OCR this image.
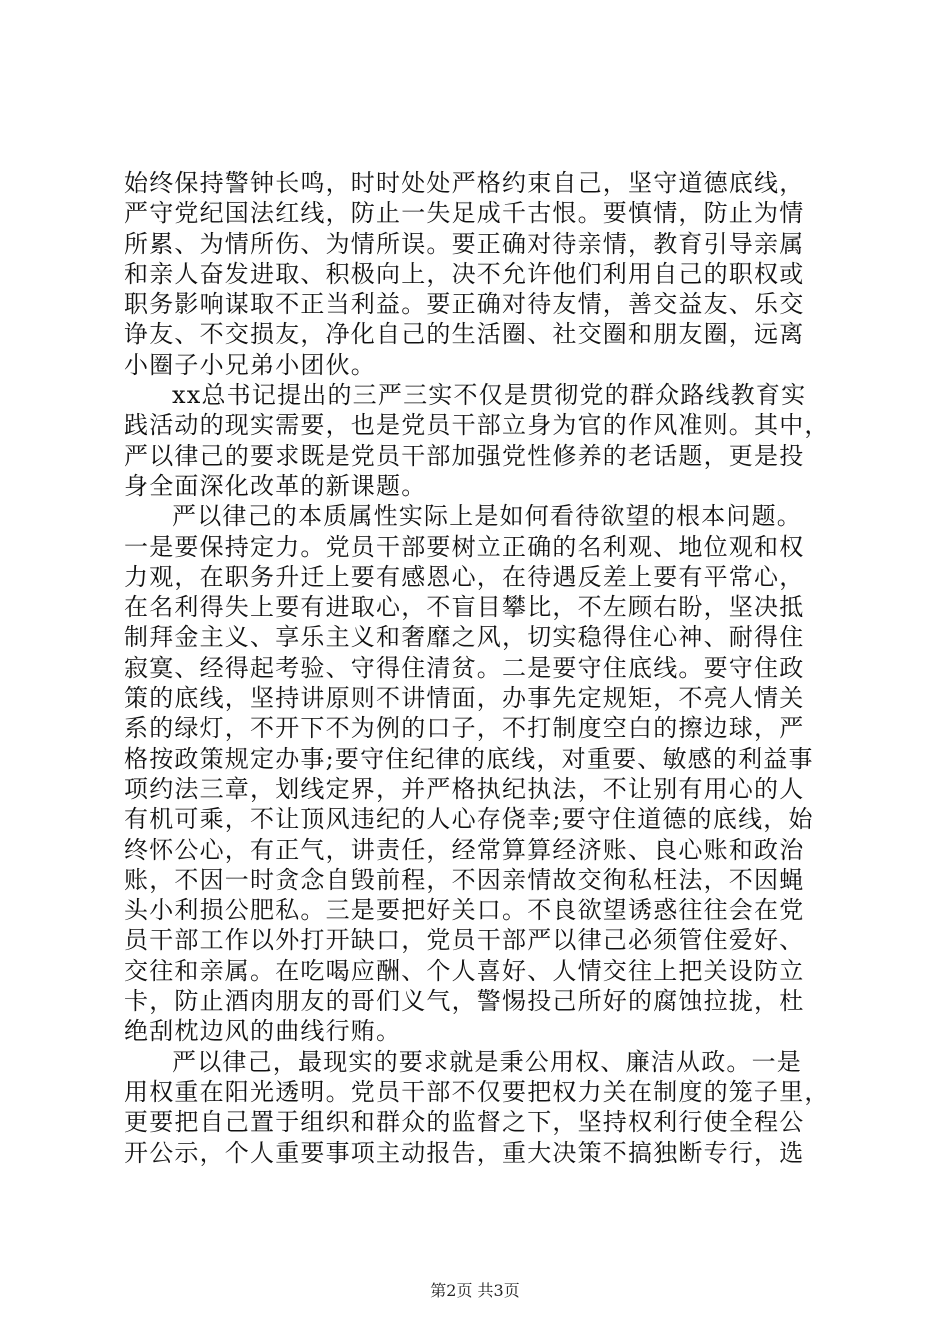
始终保持警钟长鸣，时时处处严格约束自己，坚守道德底线，
严守党纪国法红线，防止一失足成千古恨。要慎情，防止为情
所累、为情所伤、为情所误。要正确对待亲情，教育引导亲属
和亲人奋发进取、积极向上，决不允许他们利用自己的职权或
职务影响谋取不正当利益。要正确对待友情，善交益友、乐交
诤友、不交损友，净化自己的生活圈、社交圈和朋友圈，远离
小圈子小兄弟小团伙。
xx总书记提出的三严三实不仅是贯彻党的群众路线教育实
践活动的现实需要，也是党员干部立身为官的作风准则。其中，
严以律己的要求既是党员干部加强党性修养的老话题，更是投
身全面深化改革的新课题。
严以律己的本质属性实际上是如何看待欲望的根本问题。
一是要保持定力。党员干部要树立正确的名利观、地位观和权
力观，在职务升迁上要有感恩心，在待遇反差上要有平常心，
在名利得失上要有进取心，不盲目攀比，不左顾右盼，坚决抵
制拜金主义、享乐主义和奢靡之风，切实稳得住心神、耐得住
寂寞、经得起考验、守得住清贫。二是要守住底线。要守住政
策的底线，坚持讲原则不讲情面，办事先定规矩，不亮人情关
系的绿灯，不开下不为例的口子，不打制度空白的擦边球，严
格按政策规定办事;要守住纪律的底线，对重要、敏感的利益事
项约法三章，划线定界，并严格执纪执法，不让别有用心的人
有机可乘，不让顶风违纪的人心存侥幸;要守住道德的底线，始
终怀公心，有正气，讲责任，经常算算经济账、良心账和政治
账，不因一时贪念自毁前程，不因亲情故交徇私枉法，不因蝇
头小利损公肥私。三是要把好关口。不良欲望诱惑往往会在党
员干部工作以外打开缺口，党员干部严以律己必须管住爱好、
交往和亲属。在吃喝应酬、个人喜好、人情交往上把关设防立
卡，防止酒肉朋友的哥们义气，警惕投己所好的腐蚀拉拢，杜
绝刮枕边风的曲线行贿。
严以律己，最现实的要求就是秉公用权、廉洁从政。一是
用权重在阳光透明。党员干部不仅要把权力关在制度的笼子里，
更要把自己置于组织和群众的监督之下，坚持权利行使全程公
开公示，个人重要事项主动报告，重大决策不搞独断专行，选
第2页 共3页
